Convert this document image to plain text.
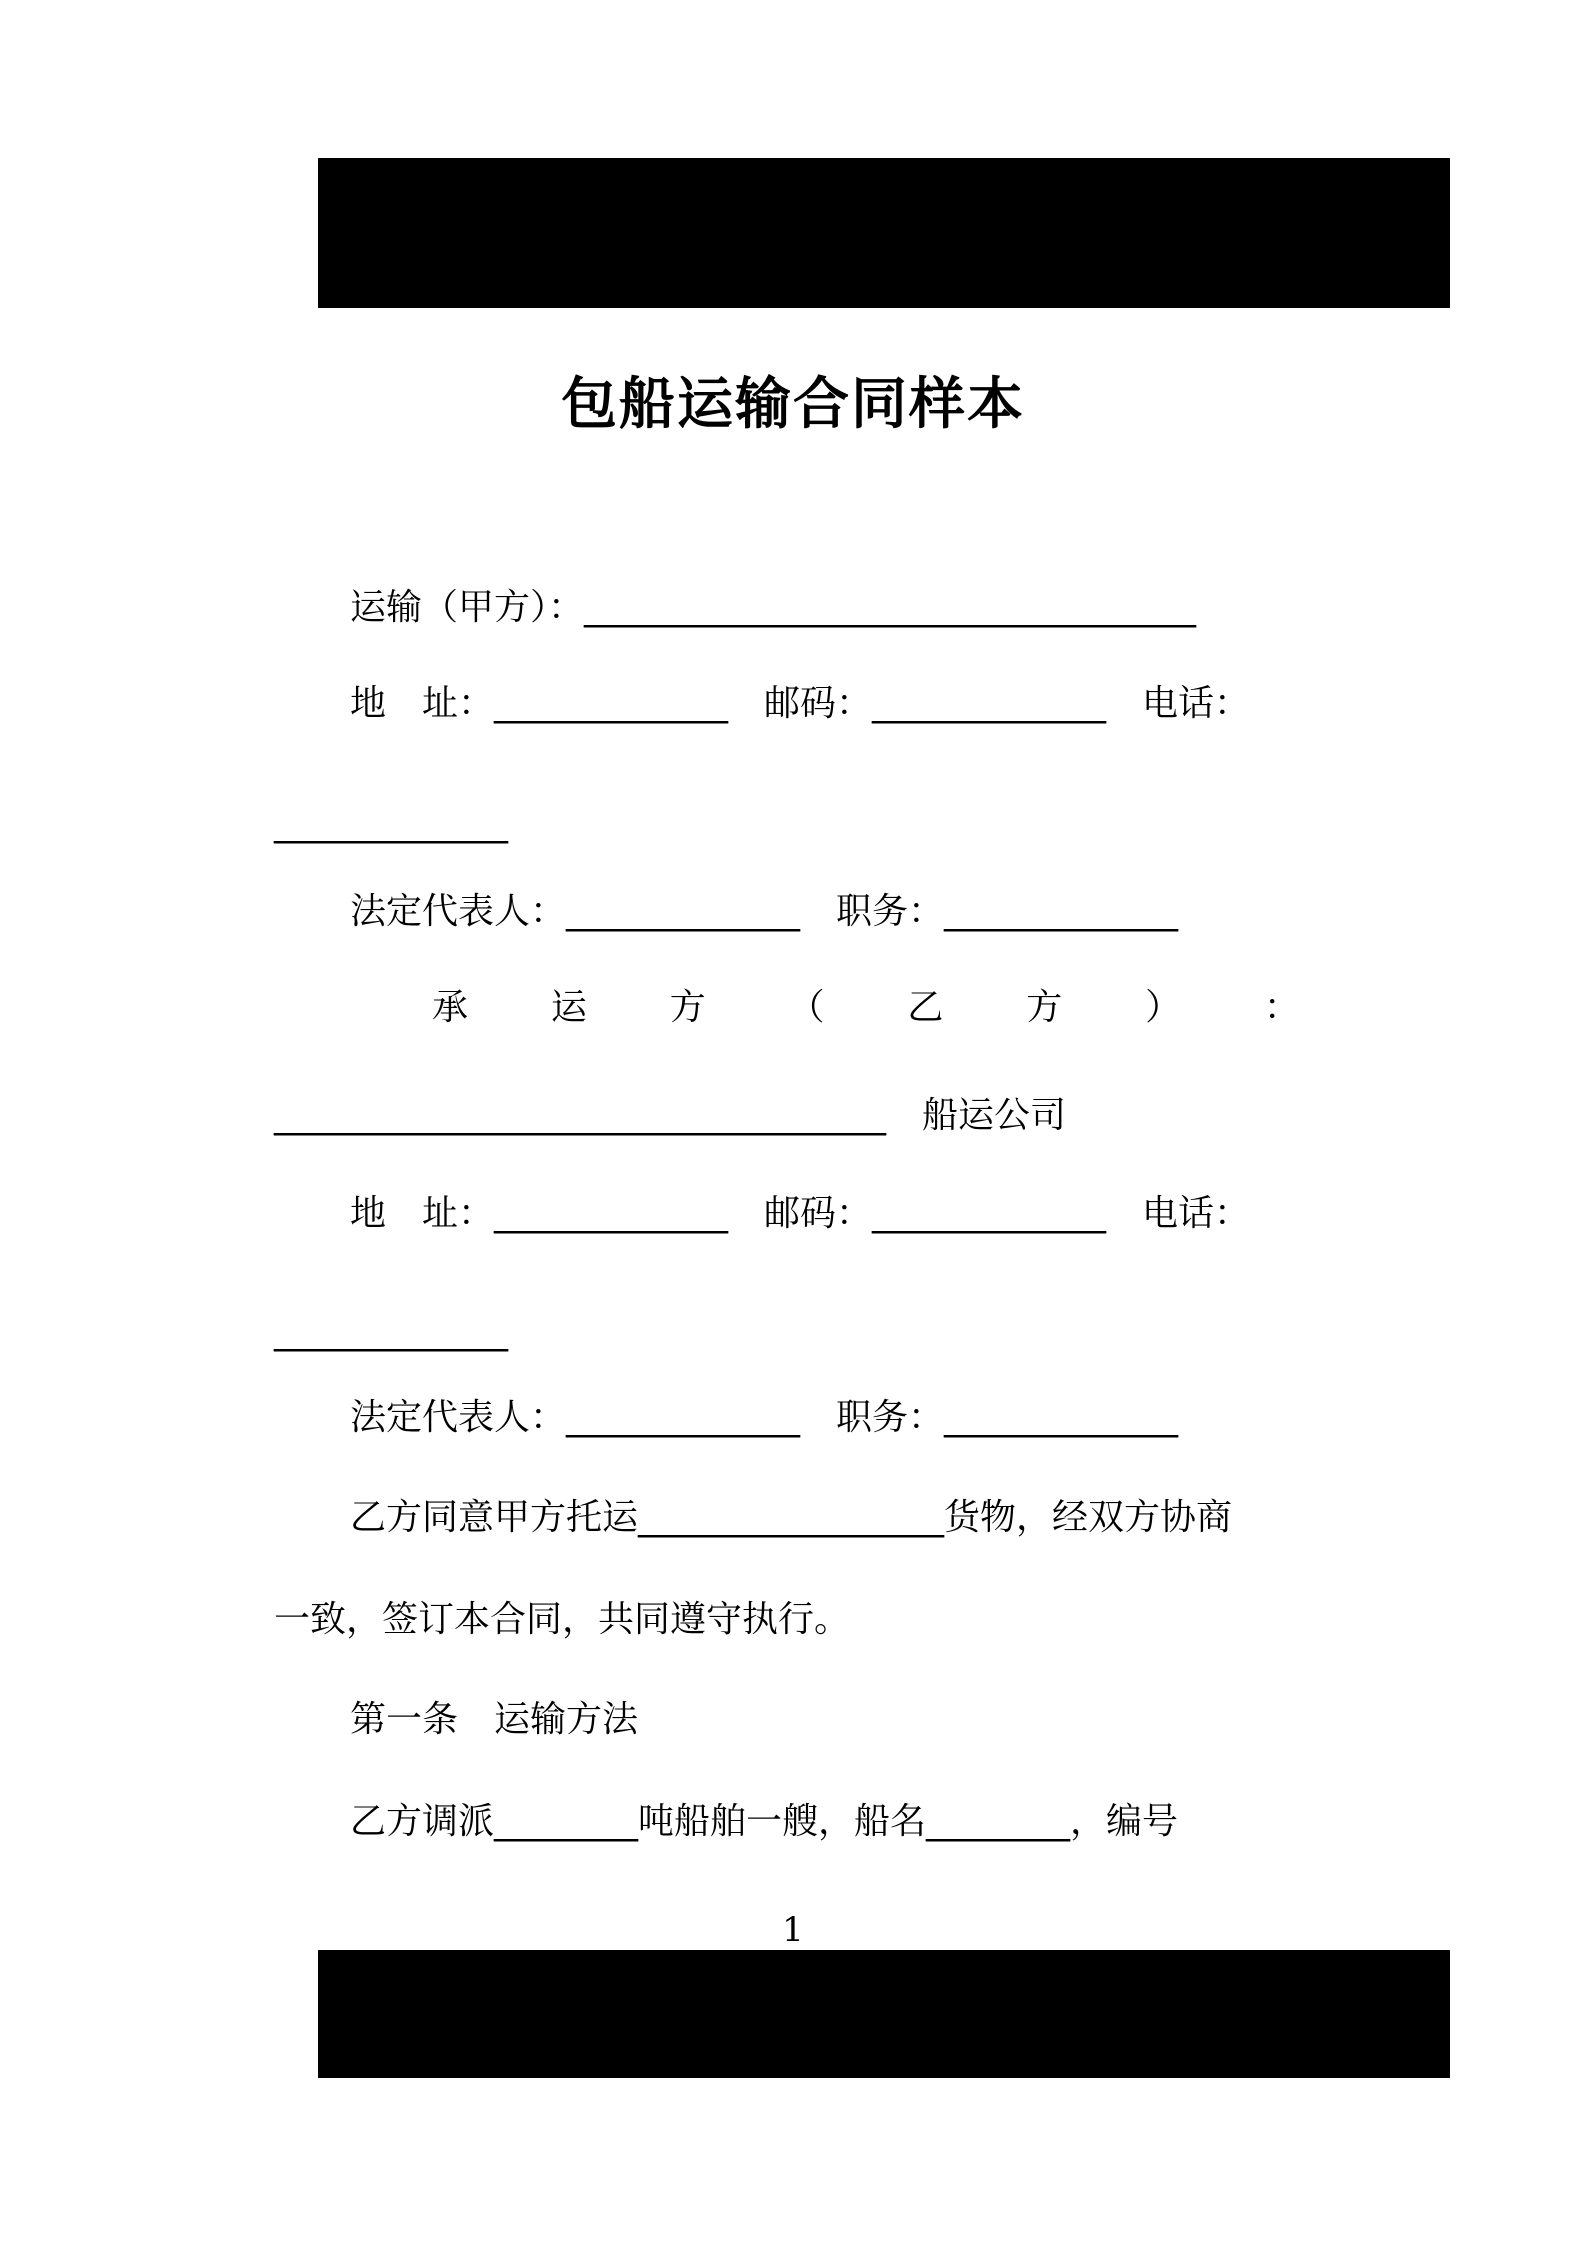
包船运输合同样本
运输（甲方）：__________________________________
地　址：_____________　邮码：_____________　电话：
_____________
法定代表人：_____________　职务：_____________
承 运 方 （ 乙 方 ） ：
__________________________________　船运公司
地　址：_____________　邮码：_____________　电话：
_____________
法定代表人：_____________　职务：_____________
乙方同意甲方托运_________________货物，经双方协商
一致，签订本合同，共同遵守执行。
第一条　运输方法
乙方调派________吨船舶一艘，船名________，编号
1
